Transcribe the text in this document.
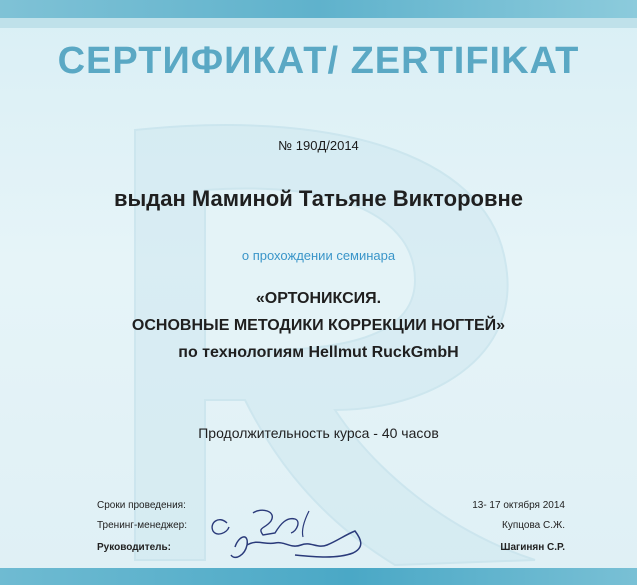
СЕРТИФИКАТ/ ZERTIFIKAT
№ 190Д/2014
выдан Маминой Татьяне Викторовне
о прохождении семинара
«ОРТОНИКСИЯ.
ОСНОВНЫЕ МЕТОДИКИ КОРРЕКЦИИ НОГТЕЙ»
по технологиям Hellmut RuckGmbH
Продолжительность курса - 40 часов
Сроки проведения:	13- 17 октября 2014
Тренинг-менеджер:	Купцова С.Ж.
Руководитель:	Шагинян С.Р.
